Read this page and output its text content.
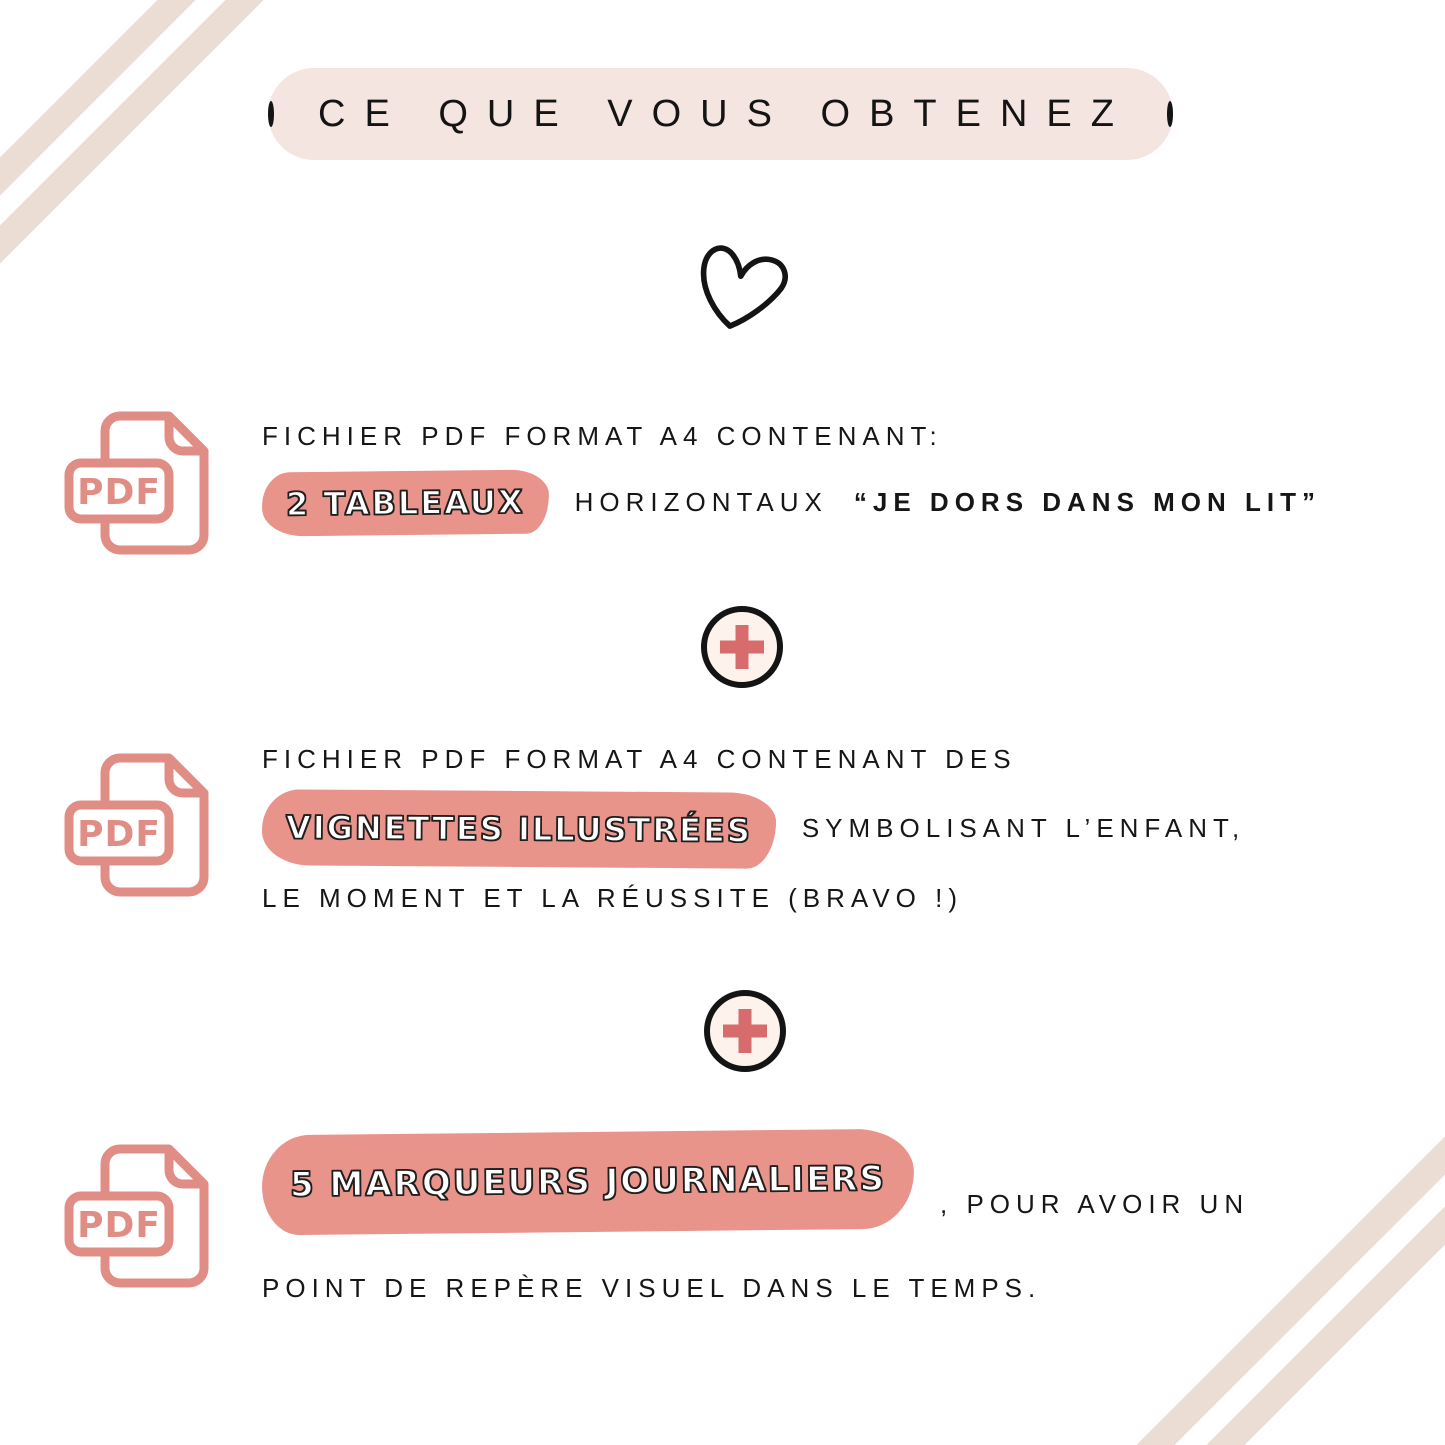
CE QUE VOUS OBTENEZ
PDF
FICHIER PDF FORMAT A4 CONTENANT:
2 TABLEAUX	HORIZONTAUX “JE DORS DANS MON LIT”
PDF
FICHIER PDF FORMAT A4 CONTENANT DES
VIGNETTES ILLUSTRÉES	SYMBOLISANT L’ENFANT,
LE MOMENT ET LA RÉUSSITE (BRAVO !)
PDF
5 MARQUEURS JOURNALIERS	, POUR AVOIR UN
POINT DE REPÈRE VISUEL DANS LE TEMPS.
